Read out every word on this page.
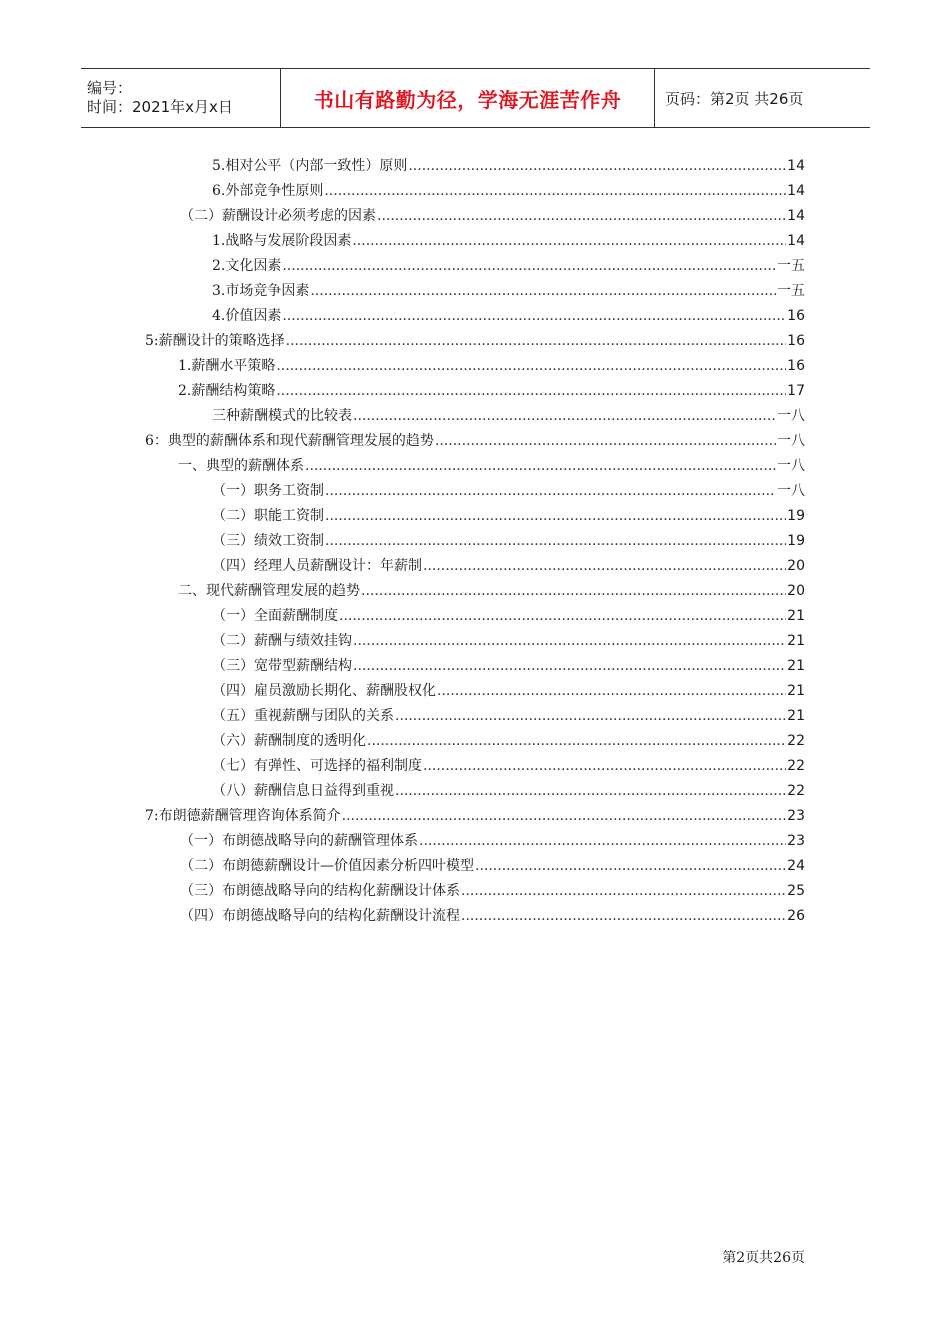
编号：
时间：2021年x月x日	书山有路勤为径，学海无涯苦作舟	页码：第2页 共26页
5.相对公平（内部一致性）原则 .....	14
6.外部竞争性原则 .....	14
（二）薪酬设计必须考虑的因素 .....	14
1.战略与发展阶段因素 .....	14
2.文化因素 .....	一五
3.市场竞争因素 .....	一五
4.价值因素 .....	16
5:薪酬设计的策略选择 .....	16
1.薪酬水平策略 .....	16
2.薪酬结构策略 .....	17
三种薪酬模式的比较表 .....	一八
6：典型的薪酬体系和现代薪酬管理发展的趋势 .....	一八
一、典型的薪酬体系 .....	一八
（一）职务工资制 .....	一八
（二）职能工资制 .....	19
（三）绩效工资制 .....	19
（四）经理人员薪酬设计：年薪制 .....	20
二、现代薪酬管理发展的趋势 .....	20
（一）全面薪酬制度 .....	21
（二）薪酬与绩效挂钩 .....	21
（三）宽带型薪酬结构 .....	21
（四）雇员激励长期化、薪酬股权化 .....	21
（五）重视薪酬与团队的关系 .....	21
（六）薪酬制度的透明化 .....	22
（七）有弹性、可选择的福利制度 .....	22
（八）薪酬信息日益得到重视 .....	22
7:布朗德薪酬管理咨询体系简介 .....	23
（一）布朗德战略导向的薪酬管理体系 .....	23
（二）布朗德薪酬设计—价值因素分析四叶模型 .....	24
（三）布朗德战略导向的结构化薪酬设计体系 .....	25
（四）布朗德战略导向的结构化薪酬设计流程 .....	26
第2页共26页
